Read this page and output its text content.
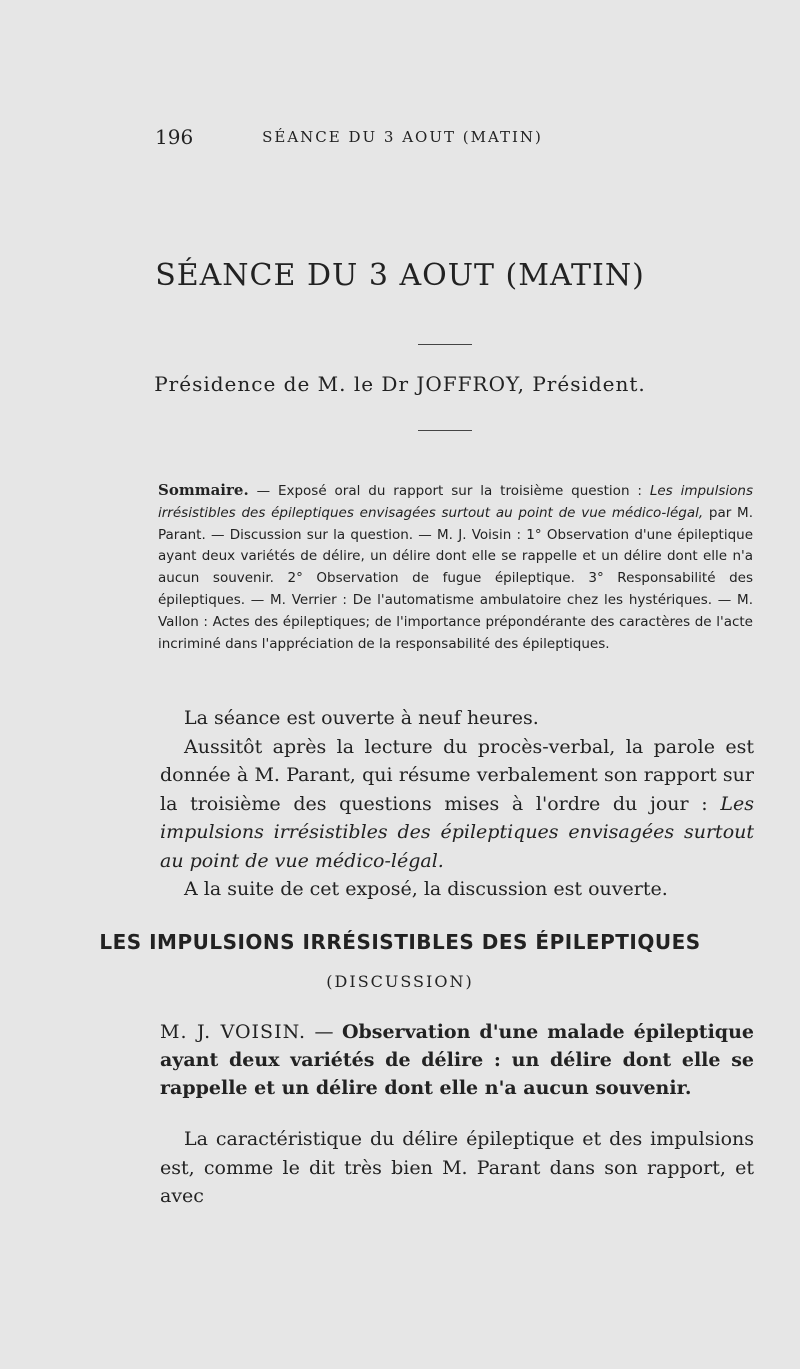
196	SÉANCE DU 3 AOUT (MATIN)
SÉANCE DU 3 AOUT (MATIN)
Présidence de M. le Dr JOFFROY, Président.
Sommaire. — Exposé oral du rapport sur la troisième question : Les impulsions irrésistibles des épileptiques envisagées surtout au point de vue médico-légal, par M. Parant. — Discussion sur la question. — M. J. Voisin : 1° Observation d'une épileptique ayant deux variétés de délire, un délire dont elle se rappelle et un délire dont elle n'a aucun souvenir. 2° Observation de fugue épileptique. 3° Responsabilité des épileptiques. — M. Verrier : De l'automatisme ambulatoire chez les hystériques. — M. Vallon : Actes des épileptiques; de l'importance prépondérante des caractères de l'acte incriminé dans l'appréciation de la responsabilité des épileptiques.

La séance est ouverte à neuf heures.

Aussitôt après la lecture du procès-verbal, la parole est donnée à M. Parant, qui résume verbalement son rapport sur la troisième des questions mises à l'ordre du jour : Les impulsions irrésistibles des épileptiques envisagées surtout au point de vue médico-légal.

A la suite de cet exposé, la discussion est ouverte.

LES IMPULSIONS IRRÉSISTIBLES DES ÉPILEPTIQUES
(DISCUSSION)
M. J. VOISIN. — Observation d'une malade épileptique ayant deux variétés de délire : un délire dont elle se rappelle et un délire dont elle n'a aucun souvenir.

La caractéristique du délire épileptique et des impulsions est, comme le dit très bien M. Parant dans son rapport, et avec
